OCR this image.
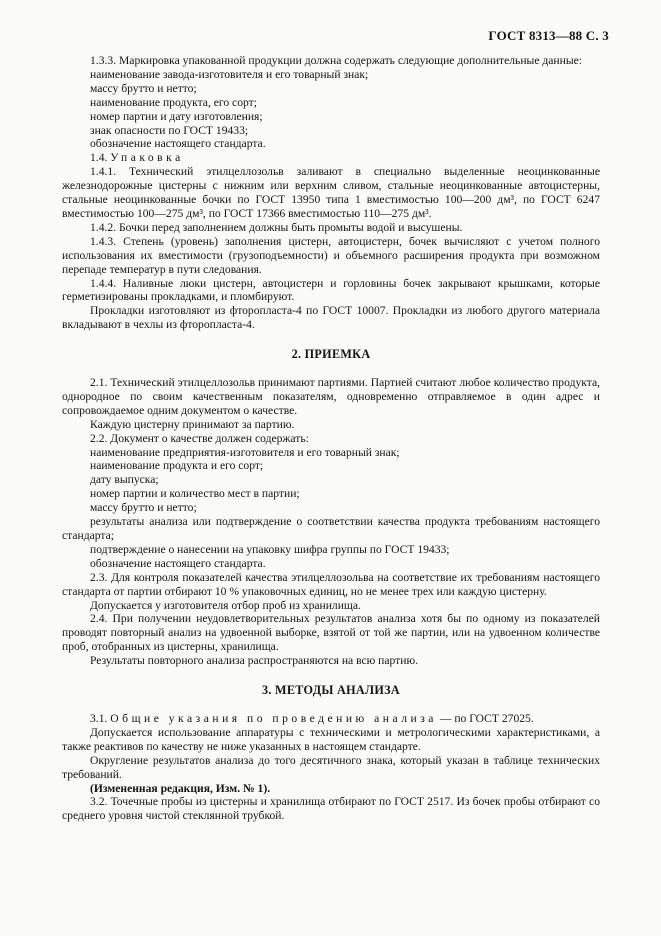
ГОСТ 8313—88 С. 3

1.3.3. Маркировка упакованной продукции должна содержать следующие дополнительные данные:

наименование завода-изготовителя и его товарный знак;

массу брутто и нетто;

наименование продукта, его сорт;

номер партии и дату изготовления;

знак опасности по ГОСТ 19433;

обозначение настоящего стандарта.

1.4. Упаковка

1.4.1. Технический этилцеллозольв заливают в специально выделенные неоцинкованные железнодорожные цистерны с нижним или верхним сливом, стальные неоцинкованные автоцистерны, стальные неоцинкованные бочки по ГОСТ 13950 типа 1 вместимостью 100—200 дм³, по ГОСТ 6247 вместимостью 100—275 дм³, по ГОСТ 17366 вместимостью 110—275 дм³.

1.4.2. Бочки перед заполнением должны быть промыты водой и высушены.

1.4.3. Степень (уровень) заполнения цистерн, автоцистерн, бочек вычисляют с учетом полного использования их вместимости (грузоподъемности) и объемного расширения продукта при возможном перепаде температур в пути следования.

1.4.4. Наливные люки цистерн, автоцистерн и горловины бочек закрывают крышками, которые герметизированы прокладками, и пломбируют.

Прокладки изготовляют из фторопласта-4 по ГОСТ 10007. Прокладки из любого другого материала вкладывают в чехлы из фторопласта-4.

2. ПРИЕМКА

2.1. Технический этилцеллозольв принимают партиями. Партией считают любое количество продукта, однородное по своим качественным показателям, одновременно отправляемое в один адрес и сопровождаемое одним документом о качестве.

Каждую цистерну принимают за партию.

2.2. Документ о качестве должен содержать:

наименование предприятия-изготовителя и его товарный знак;

наименование продукта и его сорт;

дату выпуска;

номер партии и количество мест в партии;

массу брутто и нетто;

результаты анализа или подтверждение о соответствии качества продукта требованиям настоящего стандарта;

подтверждение о нанесении на упаковку шифра группы по ГОСТ 19433;

обозначение настоящего стандарта.

2.3. Для контроля показателей качества этилцеллозольва на соответствие их требованиям настоящего стандарта от партии отбирают 10 % упаковочных единиц, но не менее трех или каждую цистерну.

Допускается у изготовителя отбор проб из хранилища.

2.4. При получении неудовлетворительных результатов анализа хотя бы по одному из показателей проводят повторный анализ на удвоенной выборке, взятой от той же партии, или на удвоенном количестве проб, отобранных из цистерны, хранилища.

Результаты повторного анализа распространяются на всю партию.

3. МЕТОДЫ АНАЛИЗА

3.1. Общие указания по проведению анализа — по ГОСТ 27025.

Допускается использование аппаратуры с техническими и метрологическими характеристиками, а также реактивов по качеству не ниже указанных в настоящем стандарте.

Округление результатов анализа до того десятичного знака, который указан в таблице технических требований.

(Измененная редакция, Изм. № 1).

3.2. Точечные пробы из цистерны и хранилища отбирают по ГОСТ 2517. Из бочек пробы отбирают со среднего уровня чистой стеклянной трубкой.
